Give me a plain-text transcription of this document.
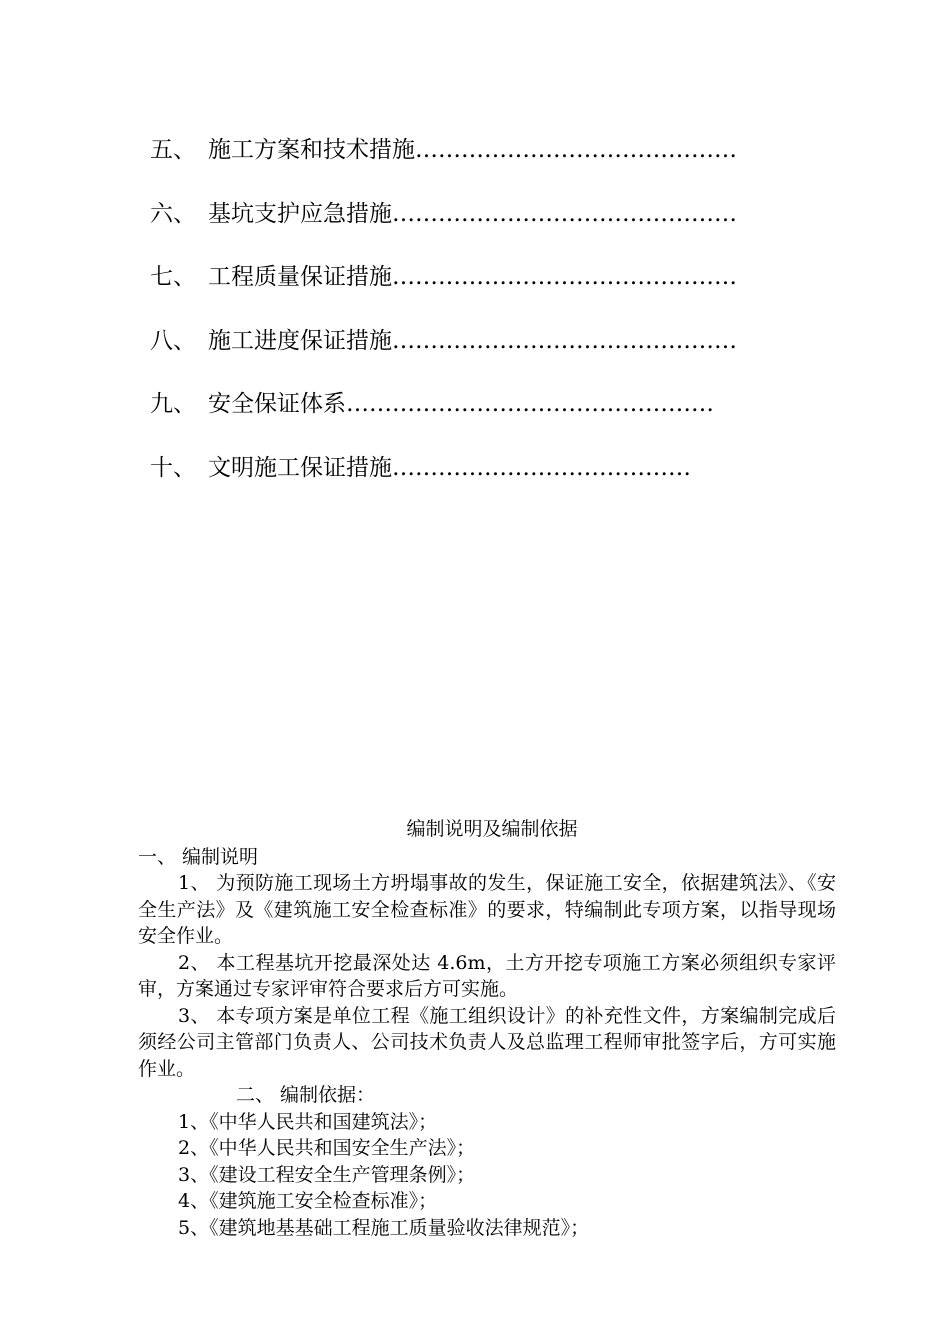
五、 施工方案和技术措施……………………………………
六、 基坑支护应急措施………………………………………
七、 工程质量保证措施………………………………………
八、 施工进度保证措施………………………………………
九、 安全保证体系…………………………………………
十、 文明施工保证措施…………………………………
编制说明及编制依据
一、 编制说明
1、 为预防施工现场土方坍塌事故的发生，保证施工安全，依据建筑法》、《安全生产法》及《建筑施工安全检查标准》的要求，特编制此专项方案，以指导现场安全作业。
2、 本工程基坑开挖最深处达 4.6m，土方开挖专项施工方案必须组织专家评审，方案通过专家评审符合要求后方可实施。
3、 本专项方案是单位工程《施工组织设计》的补充性文件，方案编制完成后须经公司主管部门负责人、公司技术负责人及总监理工程师审批签字后，方可实施作业。
二、 编制依据：
1、《中华人民共和国建筑法》；
2、《中华人民共和国安全生产法》；
3、《建设工程安全生产管理条例》；
4、《建筑施工安全检查标准》；
5、《建筑地基基础工程施工质量验收法律规范》；
